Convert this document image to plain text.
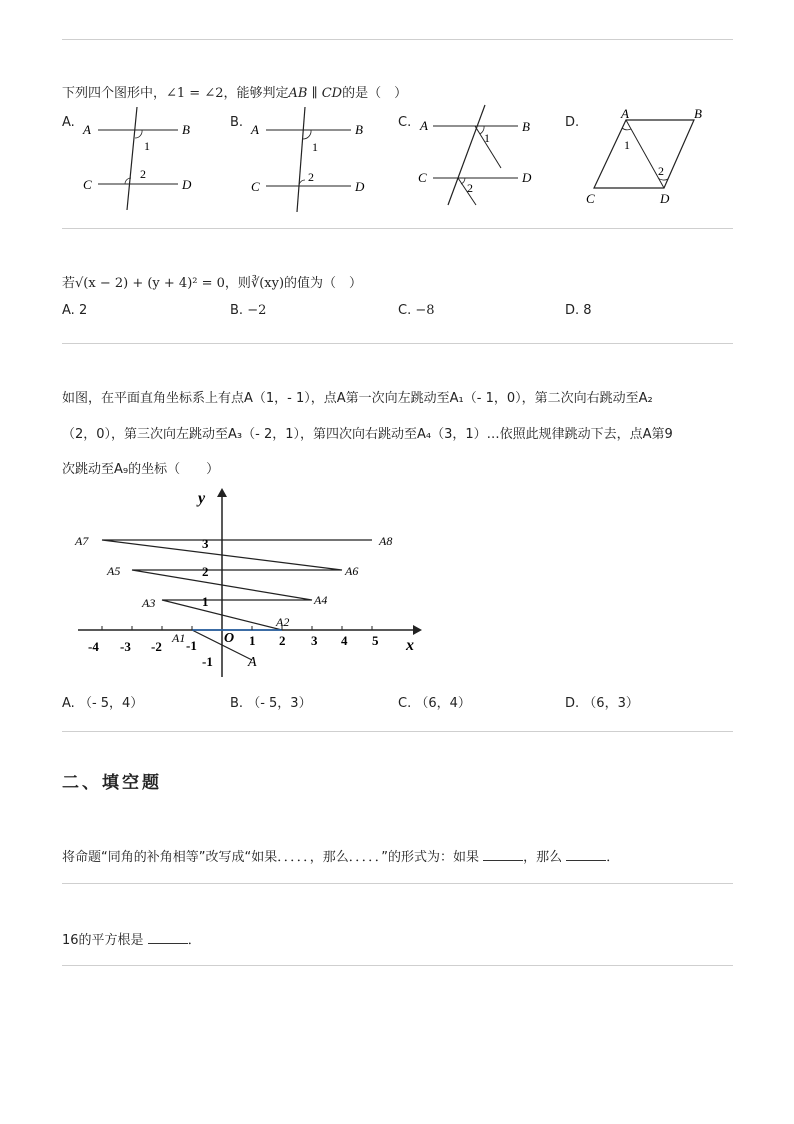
下列四个图形中，∠1 = ∠2，能够判定AB ∥ CD的是（　）
A.	B.	C.	D.
A	B
C	D
1
2
A	B
C	D
1
2
A	B
C	D
1
2
A	B
C	D
1
2
若√(x − 2) + (y + 4)² = 0，则∛(xy)的值为（　）
A. 2	B. −2	C. −8	D. 8
如图，在平面直角坐标系上有点A（1，- 1），点A第一次向左跳动至A₁（- 1，0），第二次向右跳动至A₂
（2，0），第三次向左跳动至A₃（- 2，1），第四次向右跳动至A₄（3，1）…依照此规律跳动下去，点A第9
次跳动至A₉的坐标（　　）
y
x
O
-4 -3 -2 -1	1 2 3 4 5
3
2
1
-1	A
A1
A2
A3	A4
A5	A6
A7	A8
A. （- 5，4）	B. （- 5，3）	C. （6，4）	D. （6，3）
二、填空题
将命题“同角的补角相等”改写成“如果．．．．．，那么．．．．．”的形式为：如果	，那么	．
16的平方根是	．
